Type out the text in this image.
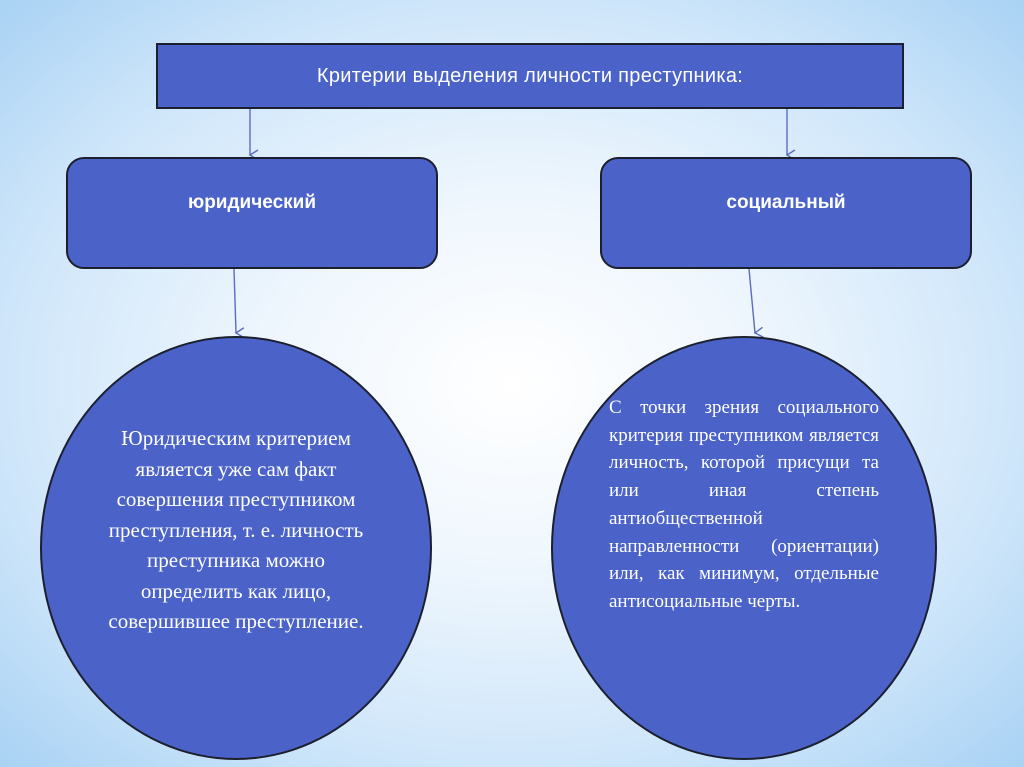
Критерии выделения личности преступника:
юридический	социальный
Юридическим критерием является уже сам факт совершения преступником преступления, т. е. личность преступника можно определить как лицо, совершившее преступление.
С точки зрения социального критерия преступником является личность, которой присущи та или иная степень антиобщественной направленности (ориентации) или, как минимум, отдельные антисоциальные черты.
